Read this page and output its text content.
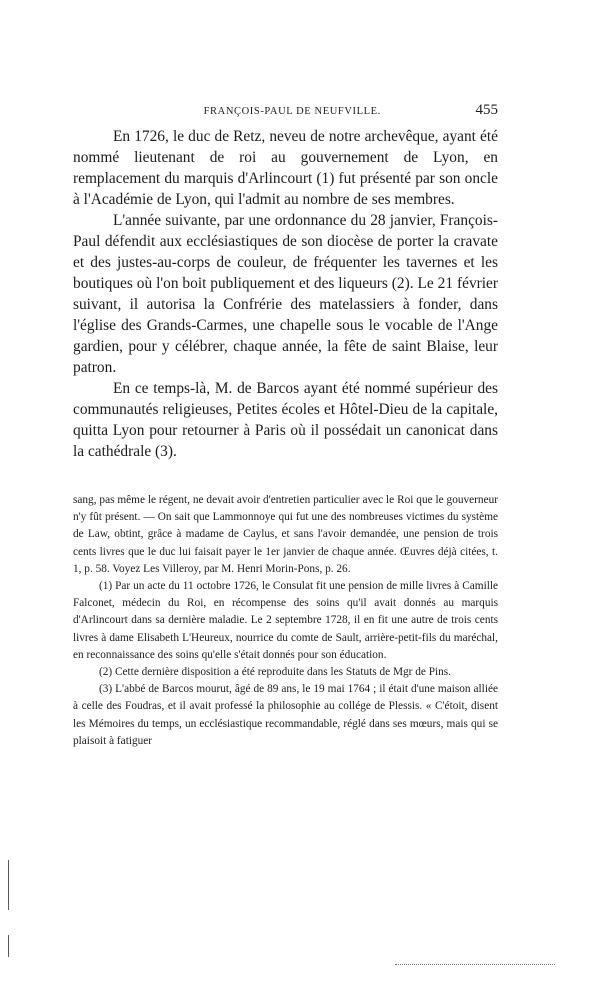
FRANÇOIS-PAUL DE NEUFVILLE.	455

En 1726, le duc de Retz, neveu de notre archevêque, ayant été nommé lieutenant de roi au gouvernement de Lyon, en remplacement du marquis d'Arlincourt (1) fut présenté par son oncle à l'Académie de Lyon, qui l'admit au nombre de ses membres.

L'année suivante, par une ordonnance du 28 janvier, François-Paul défendit aux ecclésiastiques de son diocèse de porter la cravate et des justes-au-corps de couleur, de fréquenter les tavernes et les boutiques où l'on boit publiquement et des liqueurs (2). Le 21 février suivant, il autorisa la Confrérie des matelassiers à fonder, dans l'église des Grands-Carmes, une chapelle sous le vocable de l'Ange gardien, pour y célébrer, chaque année, la fête de saint Blaise, leur patron.

En ce temps-là, M. de Barcos ayant été nommé supérieur des communautés religieuses, Petites écoles et Hôtel-Dieu de la capitale, quitta Lyon pour retourner à Paris où il possédait un canonicat dans la cathédrale (3).

sang, pas même le régent, ne devait avoir d'entretien particulier avec le Roi que le gouverneur n'y fût présent. — On sait que Lammonnoye qui fut une des nombreuses victimes du système de Law, obtint, grâce à madame de Caylus, et sans l'avoir demandée, une pension de trois cents livres que le duc lui faisait payer le 1er janvier de chaque année. Œuvres déjà citées, t. 1, p. 58. Voyez Les Villeroy, par M. Henri Morin-Pons, p. 26.

(1) Par un acte du 11 octobre 1726, le Consulat fit une pension de mille livres à Camille Falconet, médecin du Roi, en récompense des soins qu'il avait donnés au marquis d'Arlincourt dans sa dernière maladie. Le 2 septembre 1728, il en fit une autre de trois cents livres à dame Elisabeth L'Heureux, nourrice du comte de Sault, arrière-petit-fils du maréchal, en reconnaissance des soins qu'elle s'était donnés pour son éducation.

(2) Cette dernière disposition a été reproduite dans les Statuts de Mgr de Pins.

(3) L'abbé de Barcos mourut, âgé de 89 ans, le 19 mai 1764 ; il était d'une maison alliée à celle des Foudras, et il avait professé la philosophie au collége de Plessis. « C'étoit, disent les Mémoires du temps, un ecclésiastique recommandable, réglé dans ses mœurs, mais qui se plaisoit à fatiguer
